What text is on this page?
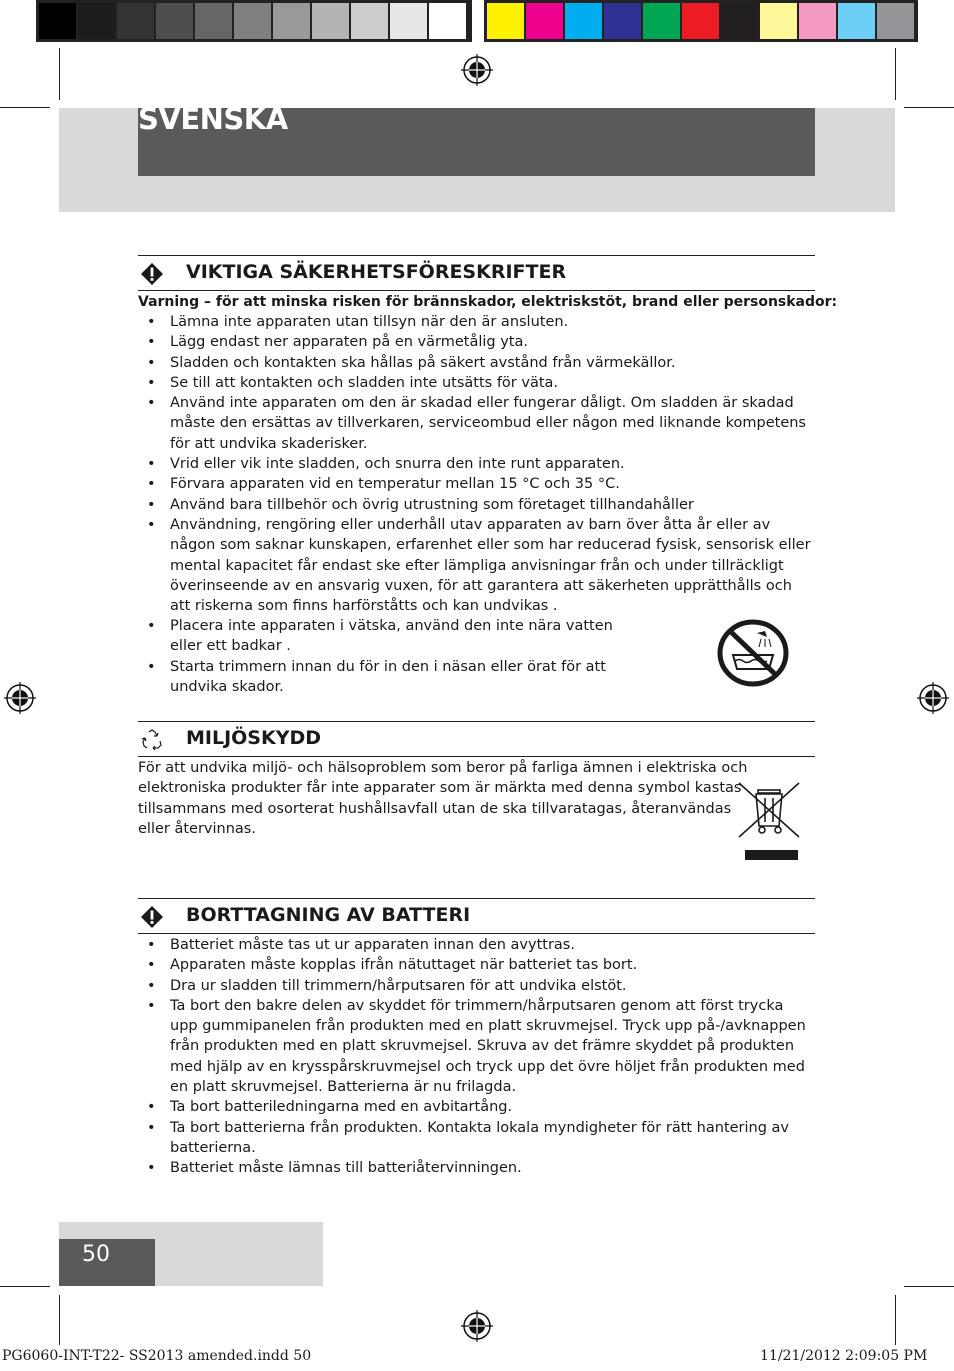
SVENSKA
VIKTIGA SÄKERHETSFÖRESKRIFTER
Varning – för att minska risken för brännskador, elektriskstöt, brand eller personskador:
• Lämna inte apparaten utan tillsyn när den är ansluten.
• Lägg endast ner apparaten på en värmetålig yta.
• Sladden och kontakten ska hållas på säkert avstånd från värmekällor.
• Se till att kontakten och sladden inte utsätts för väta.
• Använd inte apparaten om den är skadad eller fungerar dåligt. Om sladden är skadad måste den ersättas av tillverkaren, serviceombud eller någon med liknande kompetens för att undvika skaderisker.
• Vrid eller vik inte sladden, och snurra den inte runt apparaten.
• Förvara apparaten vid en temperatur mellan 15 °C och 35 °C.
• Använd bara tillbehör och övrig utrustning som företaget tillhandahåller
• Användning, rengöring eller underhåll utav apparaten av barn över åtta år eller av någon som saknar kunskapen, erfarenhet eller som har reducerad fysisk, sensorisk eller mental kapacitet får endast ske efter lämpliga anvisningar från och under tillräckligt överinseende av en ansvarig vuxen, för att garantera att säkerheten upprätthålls och att riskerna som finns harförståtts och kan undvikas .
• Placera inte apparaten i vätska, använd den inte nära vatten eller ett badkar .
• Starta trimmern innan du för in den i näsan eller örat för att undvika skador.
MILJÖSKYDD
För att undvika miljö- och hälsoproblem som beror på farliga ämnen i elektriska och elektroniska produkter får inte apparater som är märkta med denna symbol kastas tillsammans med osorterat hushållsavfall utan de ska tillvaratagas, återanvändas eller återvinnas.
BORTTAGNING AV BATTERI
• Batteriet måste tas ut ur apparaten innan den avyttras.
• Apparaten måste kopplas ifrån nätuttaget när batteriet tas bort.
• Dra ur sladden till trimmern/hårputsaren för att undvika elstöt.
• Ta bort den bakre delen av skyddet för trimmern/hårputsaren genom att först trycka upp gummipanelen från produkten med en platt skruvmejsel. Tryck upp på-/avknappen från produkten med en platt skruvmejsel. Skruva av det främre skyddet på produkten med hjälp av en krysspårskruvmejsel och tryck upp det övre höljet från produkten med en platt skruvmejsel. Batterierna är nu frilagda.
• Ta bort batteriledningarna med en avbitartång.
• Ta bort batterierna från produkten. Kontakta lokala myndigheter för rätt hantering av batterierna.
• Batteriet måste lämnas till batteriåtervinningen.
50
PG6060-INT-T22- SS2013 amended.indd 50	11/21/2012 2:09:05 PM
